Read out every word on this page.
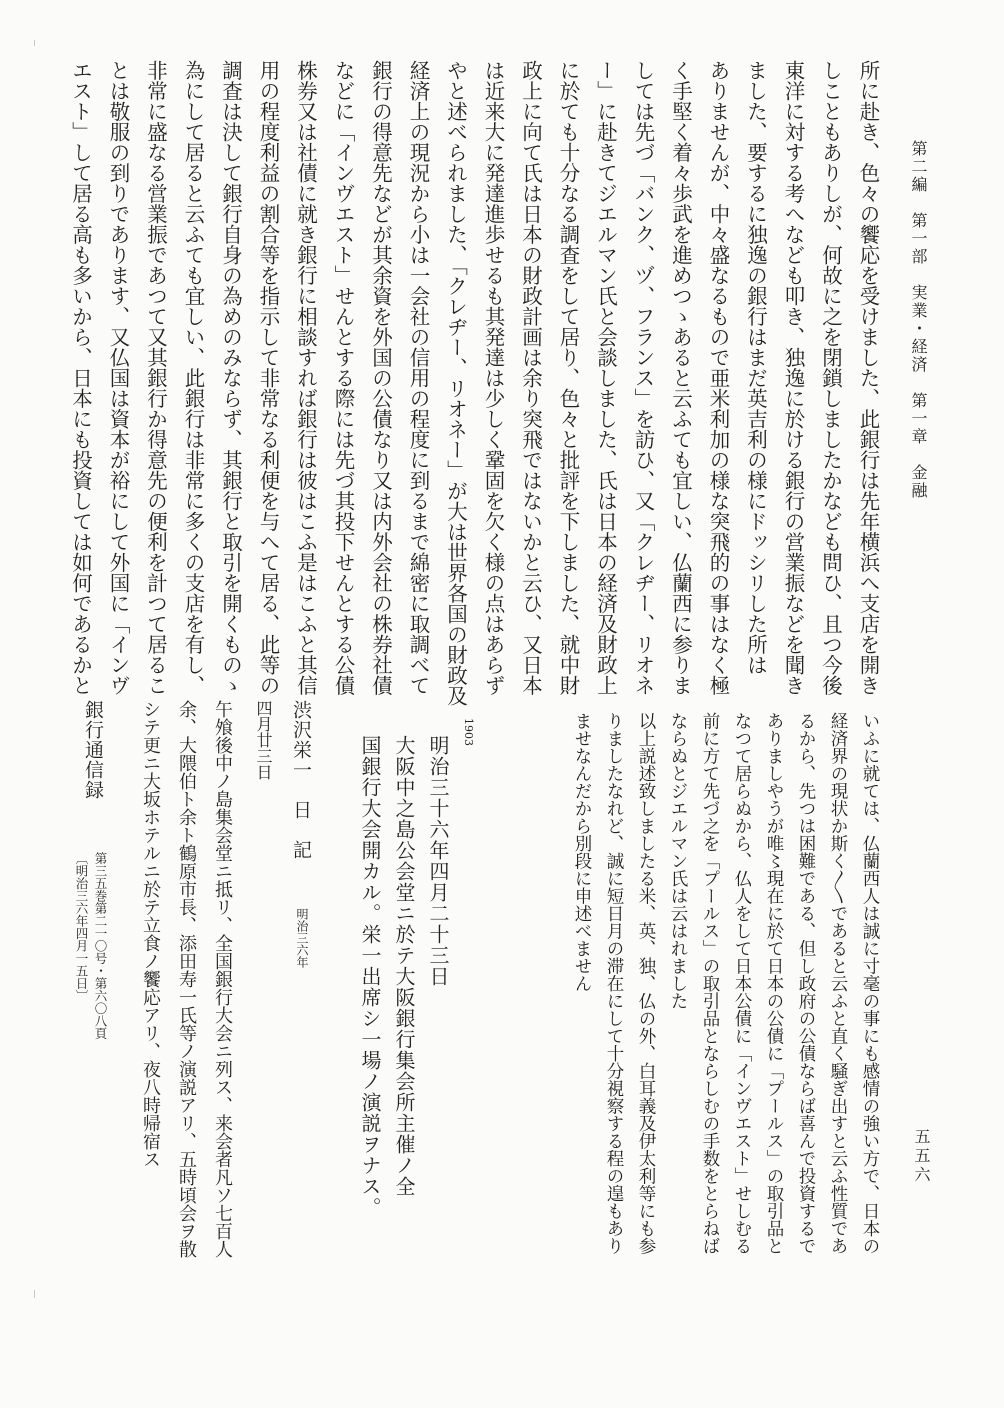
第二編　第一部　実業・経済　第一章　金融

五五六

所に赴き、色々の饗応を受けました、此銀行は先年横浜へ支店を開き
しこともありしが、何故に之を閉鎖しましたかなども問ひ、且つ今後
東洋に対する考へなども叩き、独逸に於ける銀行の営業振などを聞き
ました、要するに独逸の銀行はまだ英吉利の様にドッシリした所は
ありませんが、中々盛なるもので亜米利加の様な突飛的の事はなく極
く手堅く着々歩武を進めつゝあると云ふても宜しい、仏蘭西に参りま
しては先づ「バンク、ヅ、フランス」を訪ひ、又「クレヂー、リオネ
ー」に赴きてジエルマン氏と会談しました、氏は日本の経済及財政上
に於ても十分なる調査をして居り、色々と批評を下しました、就中財
政上に向て氏は日本の財政計画は余り突飛ではないかと云ひ、又日本
は近来大に発達進歩せるも其発達は少しく鞏固を欠く様の点はあらず
やと述べられました、「クレヂー、リオネー」が大は世界各国の財政及
経済上の現況から小は一会社の信用の程度に到るまで綿密に取調べて
銀行の得意先などが其余資を外国の公債なり又は内外会社の株券社債
などに「インヴエスト」せんとする際には先づ其投下せんとする公債
株券又は社債に就き銀行に相談すれば銀行は彼はこふ是はこふと其信
用の程度利益の割合等を指示して非常なる利便を与へて居る、此等の
調査は決して銀行自身の為めのみならず、其銀行と取引を開くものゝ
為にして居ると云ふても宜しい、此銀行は非常に多くの支店を有し、
非常に盛なる営業振であつて又其銀行か得意先の便利を計つて居るこ
とは敬服の到りであります、又仏国は資本が裕にして外国に「インヴ
エスト」して居る高も多いから、日本にも投資しては如何であるかと
いふに就ては、仏蘭西人は誠に寸毫の事にも感情の強い方で、日本の
経済界の現状か斯く〳〵であると云ふと直く騒ぎ出すと云ふ性質であ
るから、先つは困難である、但し政府の公債ならば喜んで投資するで
ありましやうが唯〻現在に於て日本の公債に「プールス」の取引品と
なつて居らぬから、仏人をして日本公債に「インヴエスト」せしむる
前に方て先づ之を「プールス」の取引品とならしむの手数をとらねば
ならぬとジエルマン氏は云はれました
以上説述致しましたる米、英、独、仏の外、白耳義及伊太利等にも参
りましたなれど、誠に短日月の滞在にして十分視察する程の遑もあり
ませなんだから別段に申述べません

1903

明治三十六年四月二十三日
大阪中之島公会堂ニ於テ大阪銀行集会所主催ノ全
国銀行大会開カル。栄一出席シ一場ノ演説ヲナス。

渋沢栄一　日　記

明治三六年

四月廿三日

午飧後中ノ島集会堂ニ抵リ、全国銀行大会ニ列ス、来会者凡ソ七百人
余、大隈伯ト余ト鶴原市長、添田寿一氏等ノ演説アリ、五時頃会ヲ散
シテ更ニ大坂ホテルニ於テ立食ノ饗応アリ、夜八時帰宿ス

銀行通信録

第三五巻第二一〇号・第六〇八頁
〔明治三六年四月一五日〕
